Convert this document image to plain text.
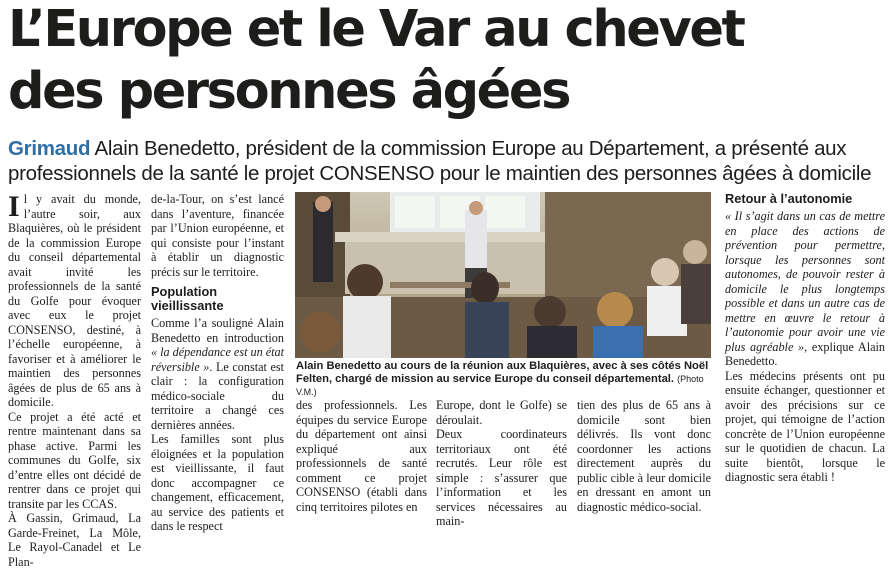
L’Europe et le Var au chevet
des personnes âgées
Grimaud Alain Benedetto, président de la commission Europe au Département, a présenté aux professionnels de la santé le projet CONSENSO pour le maintien des personnes âgées à domicile
I l y avait du monde, l’autre soir, aux Blaquières, où le président de la commission Europe du conseil départemental avait invité les professionnels de la santé du Golfe pour évoquer avec eux le projet CONSENSO, destiné, à l’échelle européenne, à favoriser et à améliorer le maintien des personnes âgées de plus de 65 ans à domicile.

Ce projet a été acté et rentre maintenant dans sa phase active. Parmi les communes du Golfe, six d’entre elles ont décidé de rentrer dans ce projet qui transite par les CCAS.

À Gassin, Grimaud, La Garde-Freinet, La Môle, Le Rayol-Canadel et Le Plan-

de-la-Tour, on s’est lancé dans l’aventure, financée par l’Union européenne, et qui consiste pour l’instant à établir un diagnostic précis sur le territoire.

Population vieillissante

Comme l’a souligné Alain Benedetto en introduction « la dépendance est un état réversible ». Le constat est clair : la configuration médico-sociale du territoire a changé ces dernières années.

Les familles sont plus éloignées et la population est vieillissante, il faut donc accompagner ce changement, efficacement, au service des patients et dans le respect

Alain Benedetto au cours de la réunion aux Blaquières, avec à ses côtés Noël Felten, chargé de mission au service Europe du conseil départemental. (Photo V.M.)

des professionnels. Les équipes du service Europe du département ont ainsi expliqué aux professionnels de santé comment ce projet CONSENSO (établi dans cinq territoires pilotes en

Europe, dont le Golfe) se déroulait.

Deux coordinateurs territoriaux ont été recrutés. Leur rôle est simple : s’assurer que l’information et les services nécessaires au main-

tien des plus de 65 ans à domicile sont bien délivrés. Ils vont donc coordonner les actions directement auprès du public cible à leur domicile en dressant en amont un diagnostic médico-social.

Retour à l’autonomie

« Il s’agit dans un cas de mettre en place des actions de prévention pour permettre, lorsque les personnes sont autonomes, de pouvoir rester à domicile le plus longtemps possible et dans un autre cas de mettre en œuvre le retour à l’autonomie pour avoir une vie plus agréable », explique Alain Benedetto.

Les médecins présents ont pu ensuite échanger, questionner et avoir des précisions sur ce projet, qui témoigne de l’action concrète de l’Union européenne sur le quotidien de chacun. La suite bientôt, lorsque le diagnostic sera établi !
